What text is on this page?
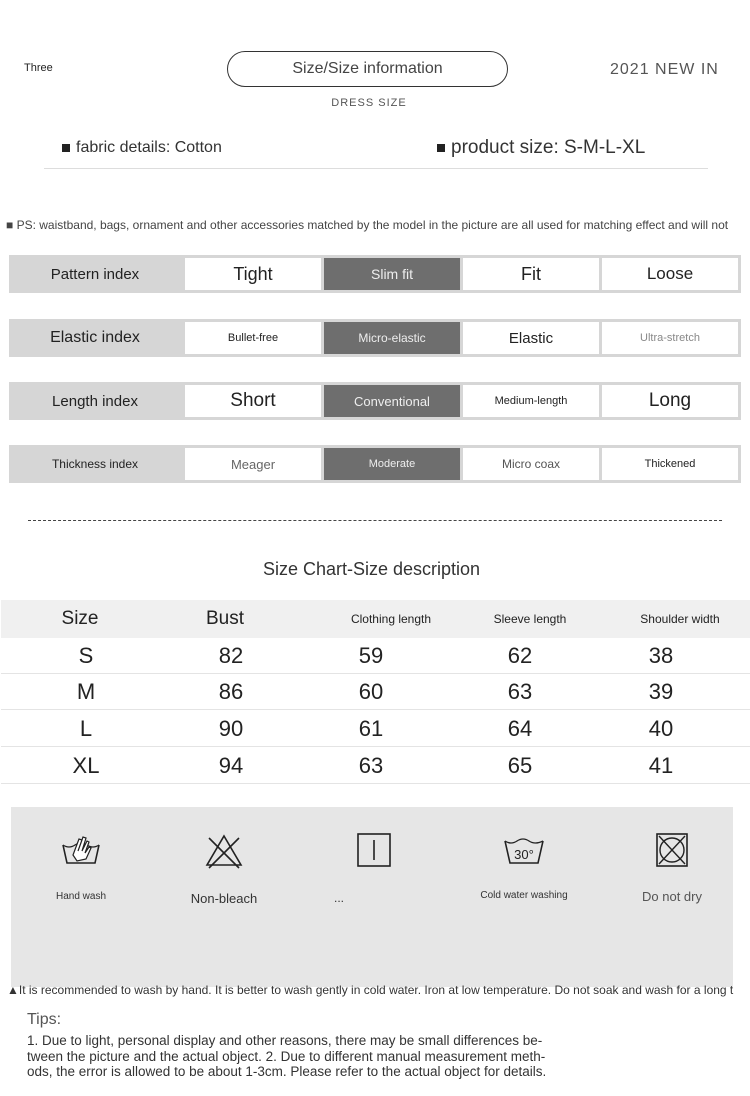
Three	Size/Size information
DRESS SIZE
2021 NEW IN
fabric details: Cotton	product size: S-M-L-XL
■ PS: waistband, bags, ornament and other accessories matched by the model in the picture are all used for matching effect and will not
Pattern index	Tight	Slim fit	Fit	Loose
Elastic index	Bullet-free	Micro-elastic	Elastic	Ultra-stretch
Length index	Short	Conventional	Medium-length	Long
Thickness index	Meager	Moderate	Micro coax	Thickened
Size Chart-Size description
Size	Bust	Clothing length	Sleeve length	Shoulder width
S	82	59	62	38
M	86	60	63	39
L	90	61	64	40
XL	94	63	65	41
Hand wash	Non-bleach	...
30°
Cold water washing	Do not dry
▲It is recommended to wash by hand. It is better to wash gently in cold water. Iron at low temperature. Do not soak and wash for a long t
Tips:
1. Due to light, personal display and other reasons, there may be small differences be-
tween the picture and the actual object. 2. Due to different manual measurement meth-
ods, the error is allowed to be about 1-3cm. Please refer to the actual object for details.
